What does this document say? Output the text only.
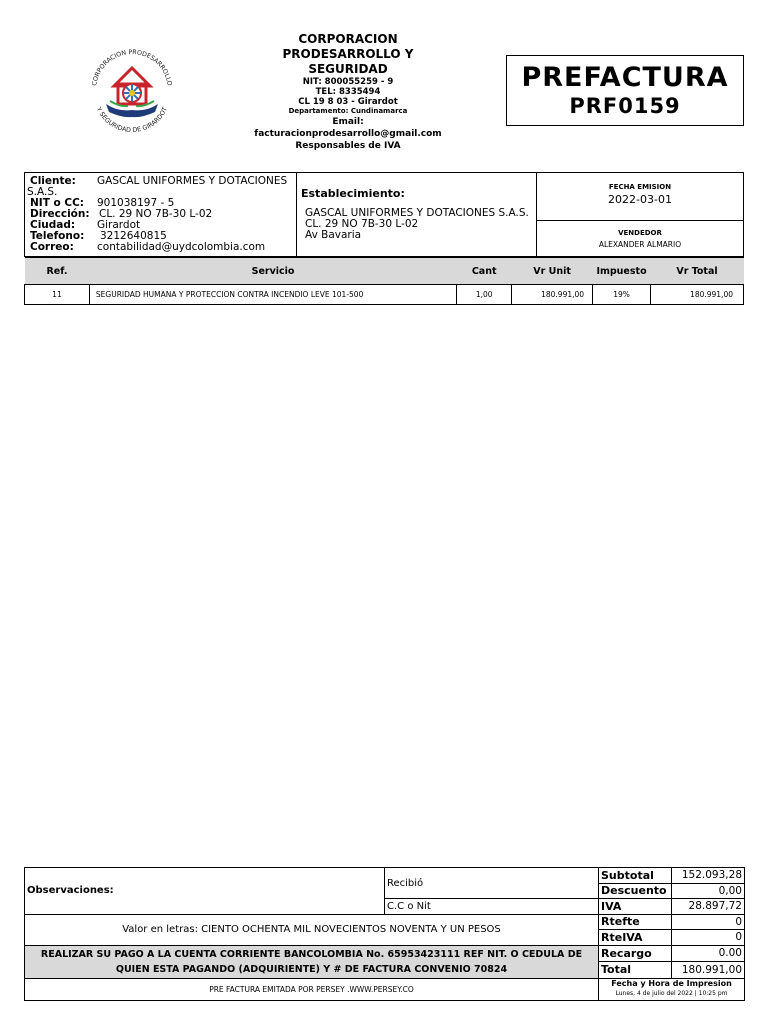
CORPORACION PRODESARROLLO
Y SEGURIDAD DE GIRARDOT
CORPORACION
PRODESARROLLO Y
SEGURIDAD
NIT: 800055259 - 9
TEL: 8335494
CL 19 8 03 - Girardot
Departamento: Cundinamarca
Email:
facturacionprodesarrollo@gmail.com
Responsables de IVA
PREFACTURA
PRF0159
Cliente: GASCAL UNIFORMES Y DOTACIONES
S.A.S.
NIT o CC: 901038197 - 5
Dirección: CL. 29 NO 7B-30 L-02
Ciudad: Girardot
Telefono: 3212640815
Correo: contabilidad@uydcolombia.com
Establecimiento:
GASCAL UNIFORMES Y DOTACIONES S.A.S.
CL. 29 NO 7B-30 L-02
Av Bavaria
FECHA EMISION
2022-03-01
VENDEDOR
ALEXANDER ALMARIO
Ref.	Servicio	Cant	Vr Unit	Impuesto	Vr Total
11	SEGURIDAD HUMANA Y PROTECCION CONTRA INCENDIO LEVE 101-500	1,00	180.991,00	19%	180.991,00
Observaciones:	Recibió	Subtotal	152.093,28
		Descuento	0,00
	C.C o Nit	IVA	28.897,72
Valor en letras: CIENTO OCHENTA MIL NOVECIENTOS NOVENTA Y UN PESOS		Rtefte	0
		RteIVA	0
REALIZAR SU PAGO A LA CUENTA CORRIENTE BANCOLOMBIA No. 65953423111 REF NIT. O CEDULA DE QUIEN ESTA PAGANDO (ADQUIRIENTE) Y # DE FACTURA CONVENIO 70824		Recargo	0.00
		Total	180.991,00
PRE FACTURA EMITADA POR PERSEY .WWW.PERSEY.CO		Fecha y Hora de Impresion
Lunes, 4 de julio del 2022 | 10:25 pm	
